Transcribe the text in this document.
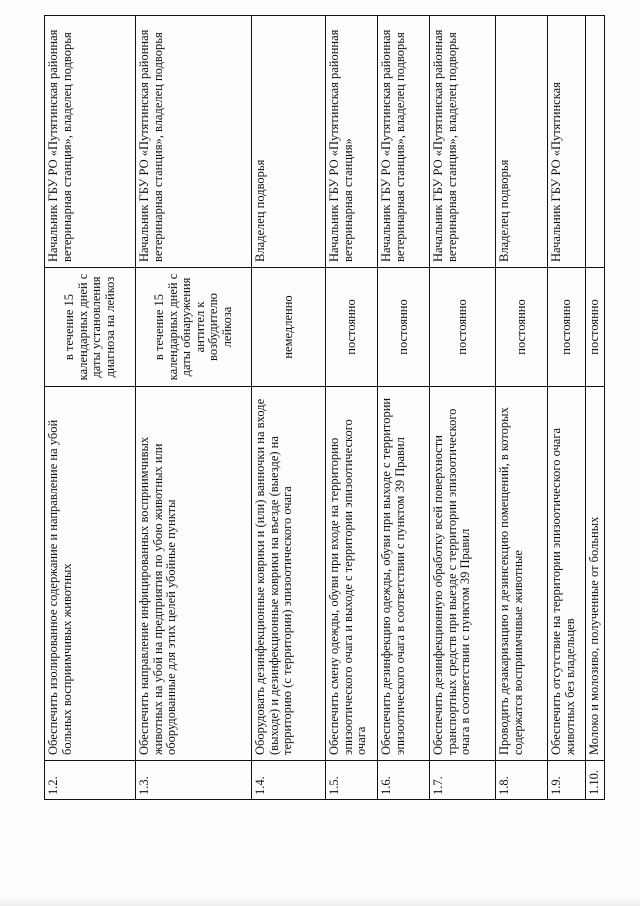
1.2.	Обеспечить изолированное содержание и направление на убой больных восприимчивых животных	в течение 15 календарных дней с даты установления диагноза на лейкоз	Начальник ГБУ РО «Путятинская районная ветеринарная станция», владелец подворья
1.3.	Обеспечить направление инфицированных восприимчивых животных на убой на предприятия по убою животных или оборудованные для этих целей убойные пункты	в течение 15 календарных дней с даты обнаружения антител к возбудителю лейкоза	Начальник ГБУ РО «Путятинская районная ветеринарная станция», владелец подворья
1.4.	Оборудовать дезинфекционные коврики и (или) ванночки на входе (выходе) и дезинфекционные коврики на въезде (выезде) на территорию (с территории) эпизоотического очага	немедленно	Владелец подворья
1.5.	Обеспечить смену одежды, обуви при входе на территорию эпизоотического очага и выходе с территории эпизоотического очага	постоянно	Начальник ГБУ РО «Путятинская районная ветеринарная станция»
1.6.	Обеспечить дезинфекцию одежды, обуви при выходе с территории эпизоотического очага в соответствии с пунктом 39 Правил	постоянно	Начальник ГБУ РО «Путятинская районная ветеринарная станция», владелец подворья
1.7.	Обеспечить дезинфекционную обработку всей поверхности транспортных средств при выезде с территории эпизоотического очага в соответствии с пунктом 39 Правил	постоянно	Начальник ГБУ РО «Путятинская районная ветеринарная станция», владелец подворья
1.8.	Проводить дезакаризацию и дезинсекцию помещений, в которых содержатся восприимчивые животные	постоянно	Владелец подворья
1.9.	Обеспечить отсутствие на территории эпизоотического очага животных без владельцев	постоянно	Начальник ГБУ РО «Путятинская
1.10.	Молоко и молозиво, полученные от больных	постоянно	
